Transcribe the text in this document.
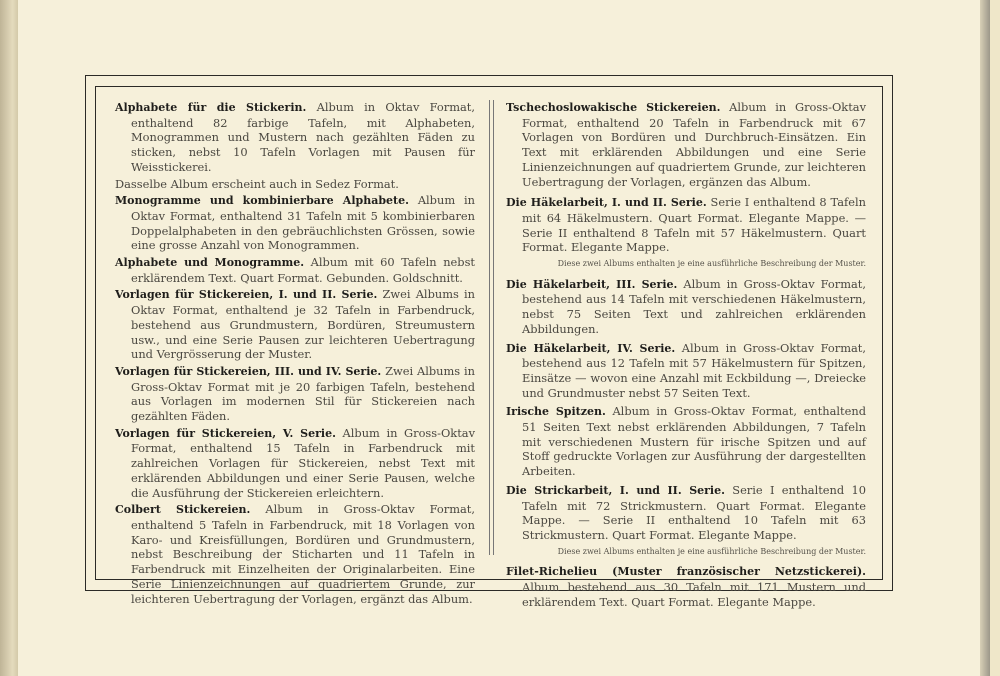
Alphabete für die Stickerin. Album in Oktav Format, enthaltend 82 farbige Tafeln, mit Alphabeten, Monogrammen und Mustern nach gezählten Fäden zu sticken, nebst 10 Tafeln Vorlagen mit Pausen für Weisstickerei.

Dasselbe Album erscheint auch in Sedez Format.

Monogramme und kombinierbare Alphabete. Album in Oktav Format, enthaltend 31 Tafeln mit 5 kombinierbaren Doppelalphabeten in den gebräuchlichsten Grössen, sowie eine grosse Anzahl von Monogrammen.

Alphabete und Monogramme. Album mit 60 Tafeln nebst erklärendem Text. Quart Format. Gebunden. Goldschnitt.

Vorlagen für Stickereien, I. und II. Serie. Zwei Albums in Oktav Format, enthaltend je 32 Tafeln in Farbendruck, bestehend aus Grundmustern, Bordüren, Streumustern usw., und eine Serie Pausen zur leichteren Uebertragung und Vergrösserung der Muster.

Vorlagen für Stickereien, III. und IV. Serie. Zwei Albums in Gross-Oktav Format mit je 20 farbigen Tafeln, bestehend aus Vorlagen im modernen Stil für Stickereien nach gezählten Fäden.

Vorlagen für Stickereien, V. Serie. Album in Gross-Oktav Format, enthaltend 15 Tafeln in Farbendruck mit zahlreichen Vorlagen für Stickereien, nebst Text mit erklärenden Abbildungen und einer Serie Pausen, welche die Ausführung der Stickereien erleichtern.

Colbert Stickereien. Album in Gross-Oktav Format, enthaltend 5 Tafeln in Farbendruck, mit 18 Vorlagen von Karo- und Kreisfüllungen, Bordüren und Grundmustern, nebst Beschreibung der Sticharten und 11 Tafeln in Farbendruck mit Einzelheiten der Originalarbeiten. Eine Serie Linienzeichnungen auf quadriertem Grunde, zur leichteren Uebertragung der Vorlagen, ergänzt das Album.

Tschechoslowakische Stickereien. Album in Gross-Oktav Format, enthaltend 20 Tafeln in Farbendruck mit 67 Vorlagen von Bordüren und Durchbruch-Einsätzen. Ein Text mit erklärenden Abbildungen und eine Serie Linienzeichnungen auf quadriertem Grunde, zur leichteren Uebertragung der Vorlagen, ergänzen das Album.

Die Häkelarbeit, I. und II. Serie. Serie I enthaltend 8 Tafeln mit 64 Häkelmustern. Quart Format. Elegante Mappe. — Serie II enthaltend 8 Tafeln mit 57 Häkelmustern. Quart Format. Elegante Mappe.

Diese zwei Albums enthalten je eine ausführliche Beschreibung der Muster.

Die Häkelarbeit, III. Serie. Album in Gross-Oktav Format, bestehend aus 14 Tafeln mit verschiedenen Häkelmustern, nebst 75 Seiten Text und zahlreichen erklärenden Abbildungen.

Die Häkelarbeit, IV. Serie. Album in Gross-Oktav Format, bestehend aus 12 Tafeln mit 57 Häkelmustern für Spitzen, Einsätze — wovon eine Anzahl mit Eckbildung —, Dreiecke und Grundmuster nebst 57 Seiten Text.

Irische Spitzen. Album in Gross-Oktav Format, enthaltend 51 Seiten Text nebst erklärenden Abbildungen, 7 Tafeln mit verschiedenen Mustern für irische Spitzen und auf Stoff gedruckte Vorlagen zur Ausführung der dargestellten Arbeiten.

Die Strickarbeit, I. und II. Serie. Serie I enthaltend 10 Tafeln mit 72 Strickmustern. Quart Format. Elegante Mappe. — Serie II enthaltend 10 Tafeln mit 63 Strickmustern. Quart Format. Elegante Mappe.

Diese zwei Albums enthalten je eine ausführliche Beschreibung der Muster.

Filet-Richelieu (Muster französischer Netzstickerei). Album bestehend aus 30 Tafeln mit 171 Mustern und erklärendem Text. Quart Format. Elegante Mappe.
